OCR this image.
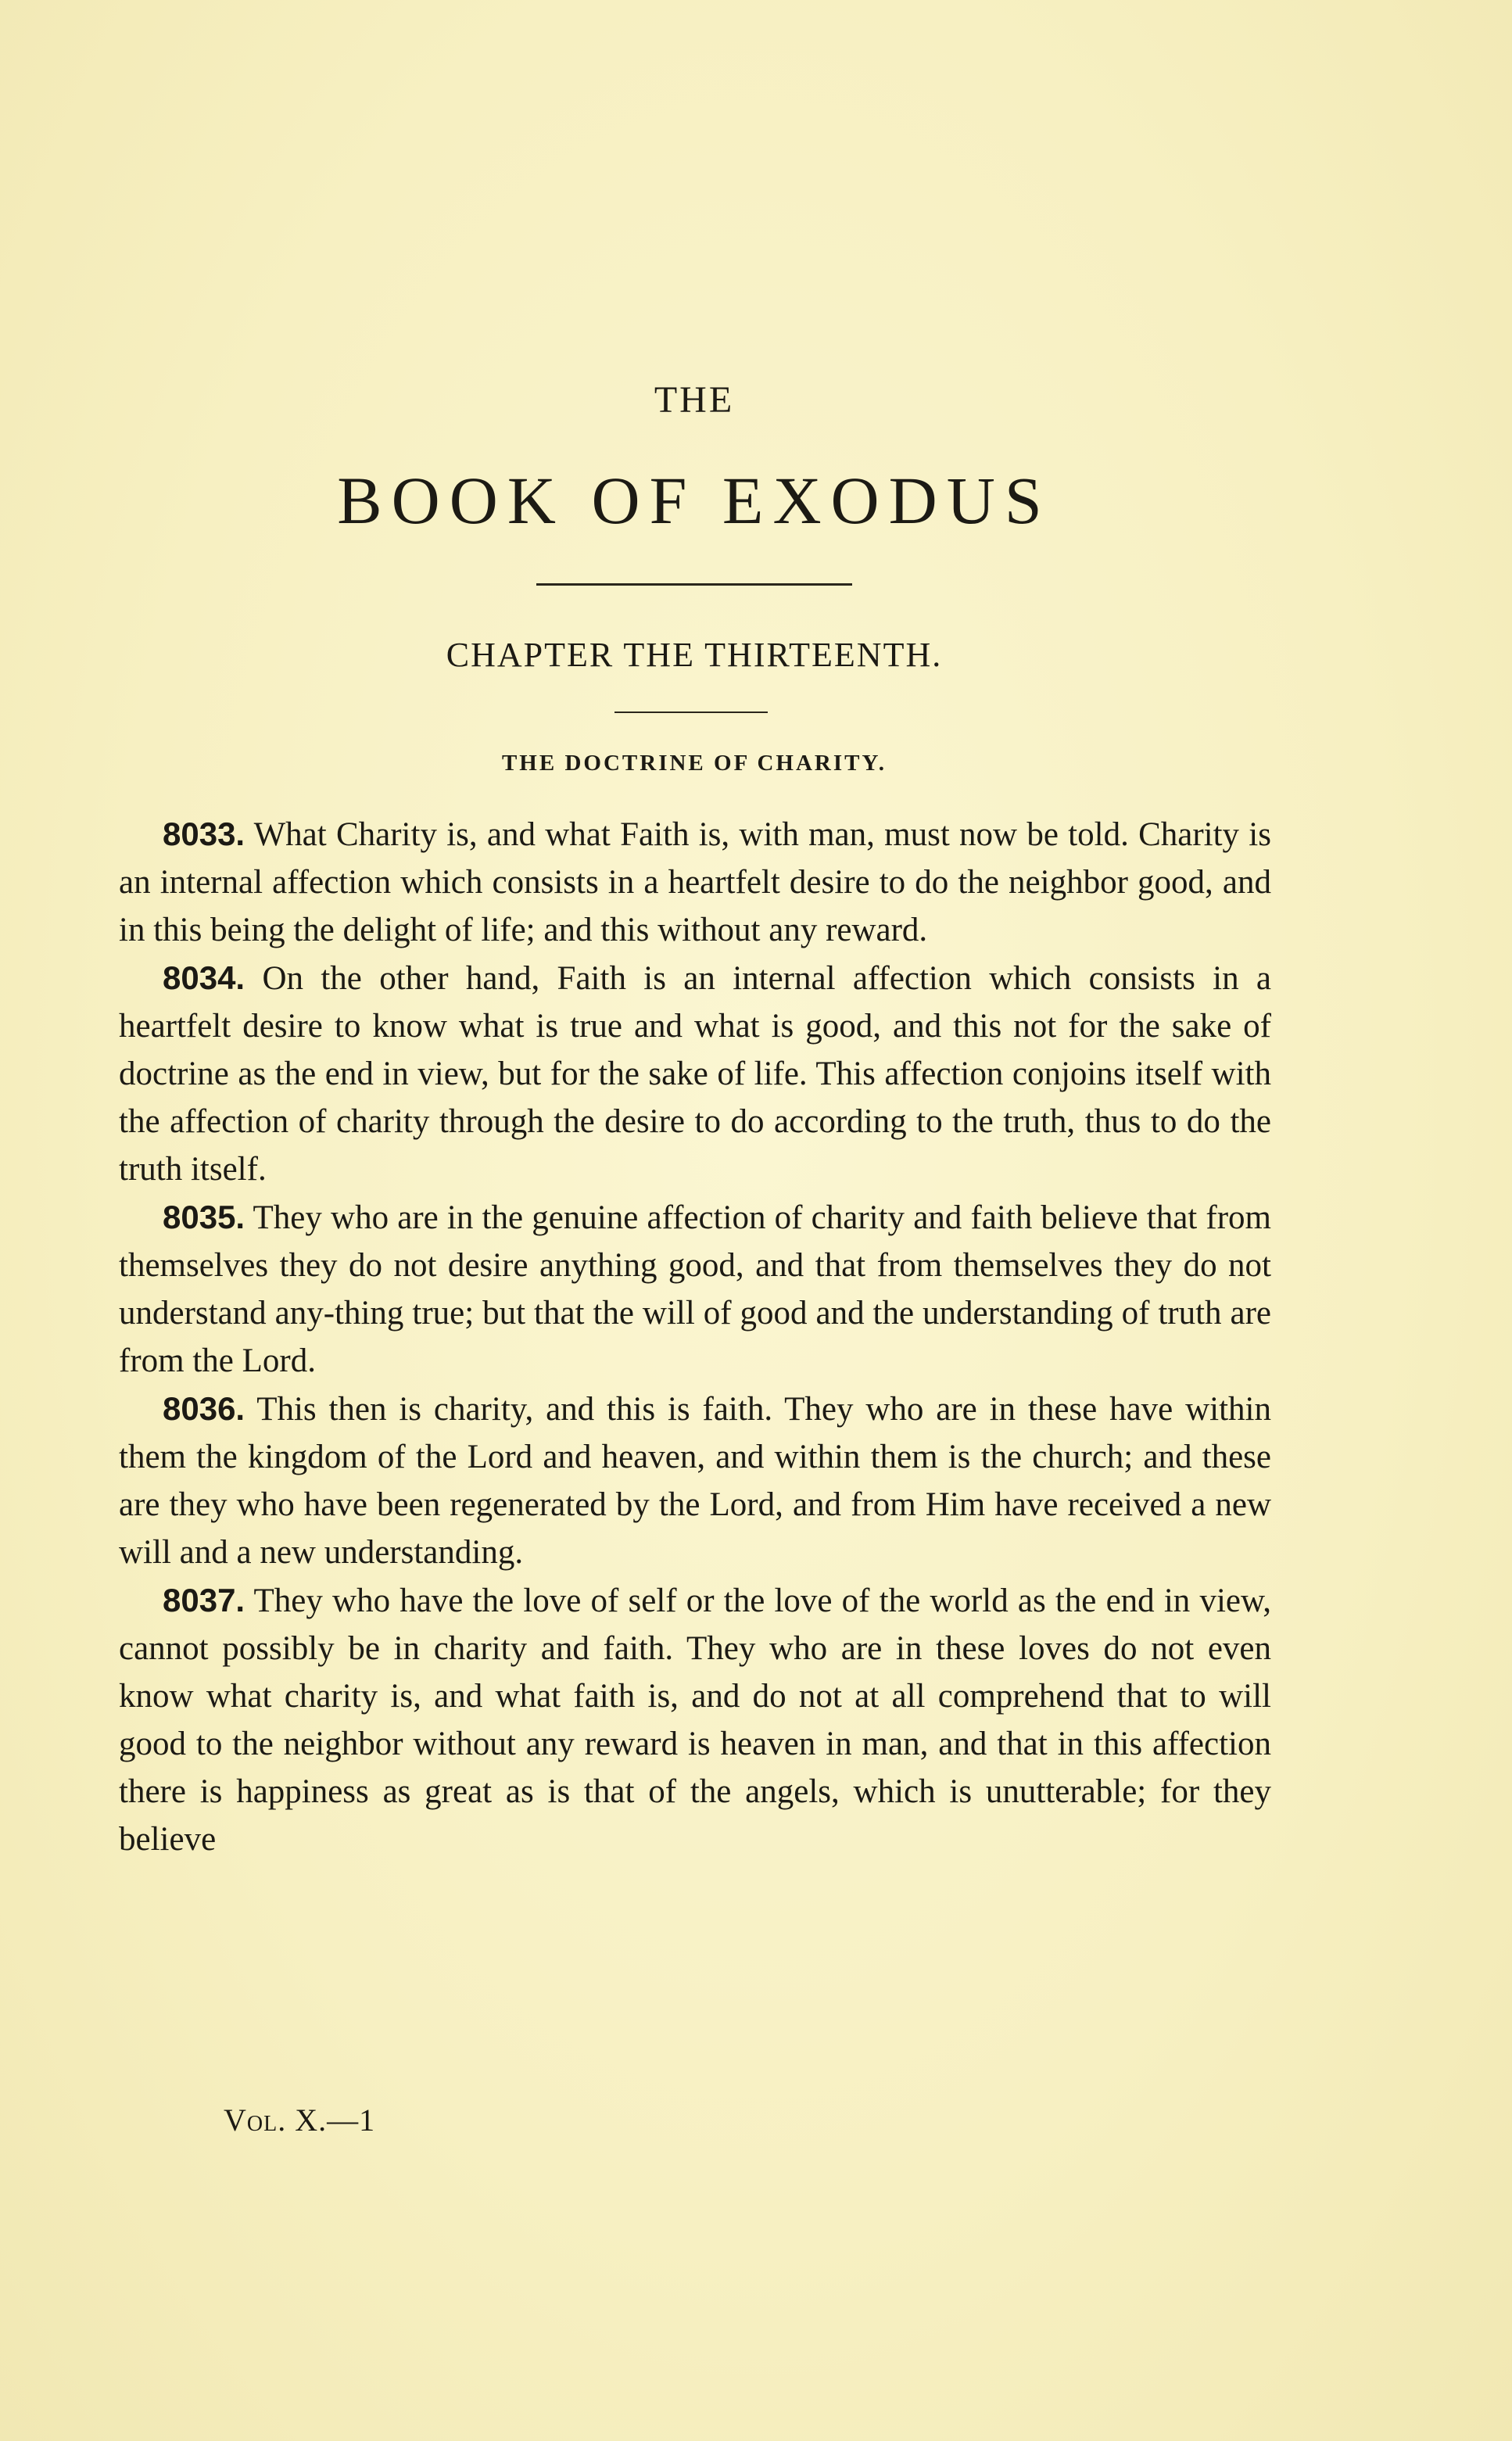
THE
BOOK OF EXODUS
CHAPTER THE THIRTEENTH.
THE DOCTRINE OF CHARITY.

8033. What Charity is, and what Faith is, with man, must now be told. Charity is an internal affection which consists in a heartfelt desire to do the neighbor good, and in this being the delight of life; and this without any reward.

8034. On the other hand, Faith is an internal affection which consists in a heartfelt desire to know what is true and what is good, and this not for the sake of doctrine as the end in view, but for the sake of life. This affection conjoins itself with the affection of charity through the desire to do according to the truth, thus to do the truth itself.

8035. They who are in the genuine affection of charity and faith believe that from themselves they do not desire anything good, and that from themselves they do not understand any-thing true; but that the will of good and the understanding of truth are from the Lord.

8036. This then is charity, and this is faith. They who are in these have within them the kingdom of the Lord and heaven, and within them is the church; and these are they who have been regenerated by the Lord, and from Him have received a new will and a new understanding.

8037. They who have the love of self or the love of the world as the end in view, cannot possibly be in charity and faith. They who are in these loves do not even know what charity is, and what faith is, and do not at all comprehend that to will good to the neighbor without any reward is heaven in man, and that in this affection there is happiness as great as is that of the angels, which is unutterable; for they believe

Vol. X.—1
